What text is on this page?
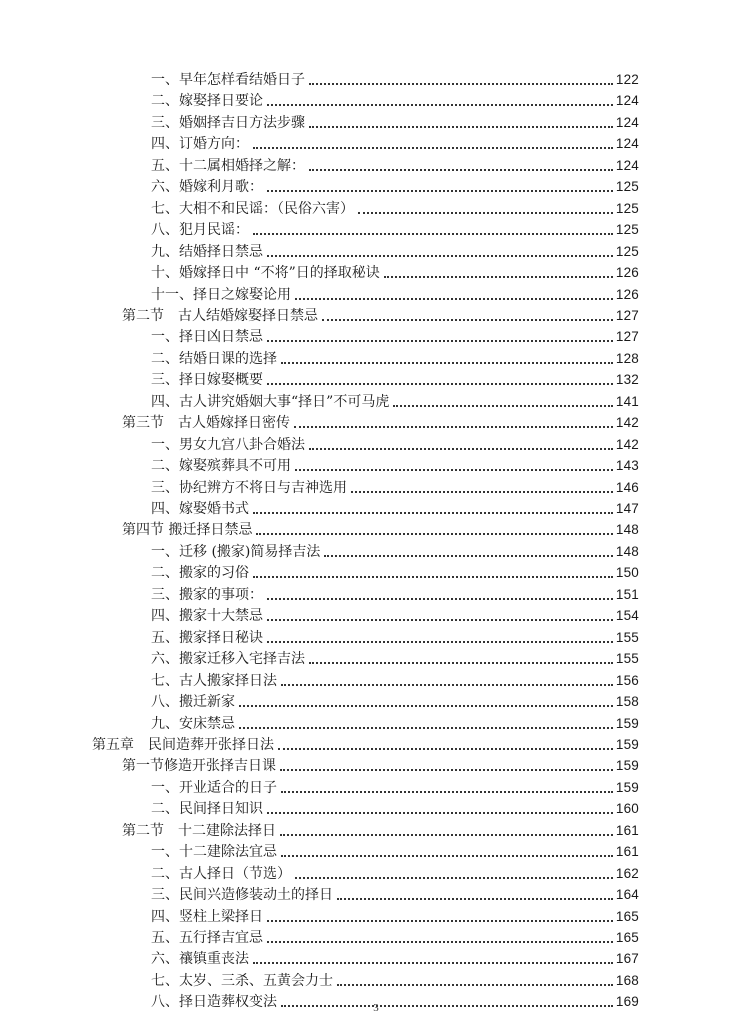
一、早年怎样看结婚日子	122
二、嫁娶择日要论	124
三、婚姻择吉日方法步骤	124
四、订婚方向：	124
五、十二属相婚择之解：	124
六、婚嫁利月歌：	125
七、大相不和民谣：（民俗六害）	125
八、犯月民谣：	125
九、结婚择日禁忌	125
十、婚嫁择日中 “不将”日的择取秘诀	126
十一、择日之嫁娶论用	126
第二节　古人结婚嫁娶择日禁忌	127
一、择日凶日禁忌	127
二、结婚日课的选择	128
三、择日嫁娶概要	132
四、古人讲究婚姻大事“择日”不可马虎	141
第三节　古人婚嫁择日密传	142
一、男女九宫八卦合婚法	142
二、嫁娶殡葬具不可用	143
三、协纪辨方不将日与吉神选用	146
四、嫁娶婚书式	147
第四节 搬迁择日禁忌	148
一、迁移 (搬家)简易择吉法	148
二、搬家的习俗	150
三、搬家的事项：	151
四、搬家十大禁忌	154
五、搬家择日秘诀	155
六、搬家迁移入宅择吉法	155
七、古人搬家择日法	156
八、搬迁新家	158
九、安床禁忌	159
第五章　民间造葬开张择日法	159
第一节修造开张择吉日课	159
一、开业适合的日子	159
二、民间择日知识	160
第二节　十二建除法择日	161
一、十二建除法宜忌	161
二、古人择日（节选）	162
三、民间兴造修装动土的择日	164
四、竖柱上梁择日	165
五、五行择吉宜忌	165
六、禳镇重丧法	167
七、太岁、三杀、五黄会力士	168
八、择日造葬权变法	169
3
